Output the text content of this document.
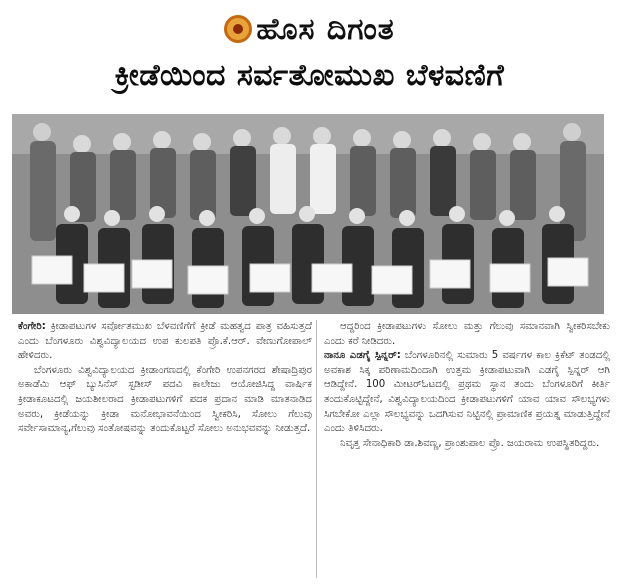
ಹೊಸ ದಿಗಂತ
ಕ್ರೀಡೆಯಿಂದ ಸರ್ವತೋಮುಖ ಬೆಳವಣಿಗೆ

ಕೆಂಗೇರಿ: ಕ್ರೀಡಾಪಟುಗಳ ಸರ್ವೋತಮುಖ ಬೆಳವಣಿಗೆಗೆ ಕ್ರೀಡೆ ಮಹತ್ವದ ಪಾತ್ರ ವಹಿಸುತ್ತದೆ ಎಂದು ಬೆಂಗಳೂರು ವಿಶ್ವವಿದ್ಯಾಲಯದ ಉಪ ಕುಲಪತಿ ಪ್ರೊ.ಕೆ.ಆರ್. ವೇಣುಗೋಪಾಲ್ ಹೇಳಿದರು.

ಬೆಂಗಳೂರು ವಿಶ್ವವಿದ್ಯಾಲಯದ ಕ್ರೀಡಾಂಗಣದಲ್ಲಿ ಕೆಂಗೇರಿ ಉಪನಗರದ ಶೇಷಾದ್ರಿಪುರ ಅಕಾಡೆಮಿ ಆಫ್ ಬ್ಯುಸಿನೆಸ್ ಸ್ಟಡೀಸ್ ಪದವಿ ಕಾಲೇಜು ಆಯೋಜಿಸಿದ್ದ ವಾರ್ಷಿಕ ಕ್ರೀಡಾಕೂಟದಲ್ಲಿ ಜಯಶೀಲರಾದ ಕ್ರೀಡಾಪಟುಗಳಿಗೆ ಪದಕ ಪ್ರದಾನ ಮಾಡಿ ಮಾತನಾಡಿದ ಅವರು, ಕ್ರೀಡೆಯನ್ನು ಕ್ರೀಡಾ ಮನೋಭಾವನೆಯಿಂದ ಸ್ವೀಕರಿಸಿ, ಸೋಲು ಗೆಲುವು ಸರ್ವೇಸಾಮಾನ್ಯ,ಗೆಲುವು ಸಂತೋಷವನ್ನು ತಂದುಕೊಟ್ಟರೆ ಸೋಲು ಅನುಭವವನ್ನು ನೀಡುತ್ತದೆ.

ಆದ್ದರಿಂದ ಕ್ರೀಡಾಪಟುಗಳು ಸೋಲು ಮತ್ತು ಗೆಲುವು ಸಮಾನವಾಗಿ ಸ್ವೀಕರಿಸಬೇಕು ಎಂದು ಕರೆ ನೀಡಿದರು.

ನಾನೂ ಎಡಗೈ ಸ್ಪಿನ್ನರ್: ಬೆಂಗಳೂರಿನಲ್ಲಿ ಸುಮಾರು 5 ವರ್ಷಗಳ ಕಾಲ ಕ್ರಿಕೆಟ್ ತಂಡದಲ್ಲಿ ಅವಕಾಶ ಸಿಕ್ಕ ಪರಿಣಾಮದಿಂದಾಗಿ ಉತ್ತಮ ಕ್ರೀಡಾಪಟುವಾಗಿ ಎಡಗೈ ಸ್ಪಿನ್ನರ್ ಆಗಿ ಆಡಿದ್ದೇನೆ. 100 ಮೀಟರ್‌ಓಟದಲ್ಲಿ ಪ್ರಥಮ ಸ್ಥಾನ ತಂದು ಬೆಂಗಳೂರಿಗೆ ಕೀರ್ತಿ ತಂದುಕೊಟ್ಟಿದ್ದೇನೆ, ವಿಶ್ವವಿದ್ಯಾಲಯದಿಂದ ಕ್ರೀಡಾಪಟುಗಳಿಗೆ ಯಾವ ಯಾವ ಸೌಲಭ್ಯಗಳು ಸಿಗಬೇಕೋ ಎಲ್ಲಾ ಸೌಲಭ್ಯವನ್ನು ಒದಗಿಸುವ ನಿಟ್ಟಿನಲ್ಲಿ ಪ್ರಾಮಾಣಿಕ ಪ್ರಯತ್ನ ಮಾಡುತ್ತಿದ್ದೇನೆ ಎಂದು ತಿಳಿಸಿದರು.

ನಿವೃತ್ತ ಸೇನಾಧಿಕಾರಿ ಡಾ.ಶಿವಣ್ಣ, ಪ್ರಾಂಶುಪಾಲ ಪ್ರೊ. ಜಯರಾಮ ಉಪಸ್ಥಿತರಿದ್ದರು.
